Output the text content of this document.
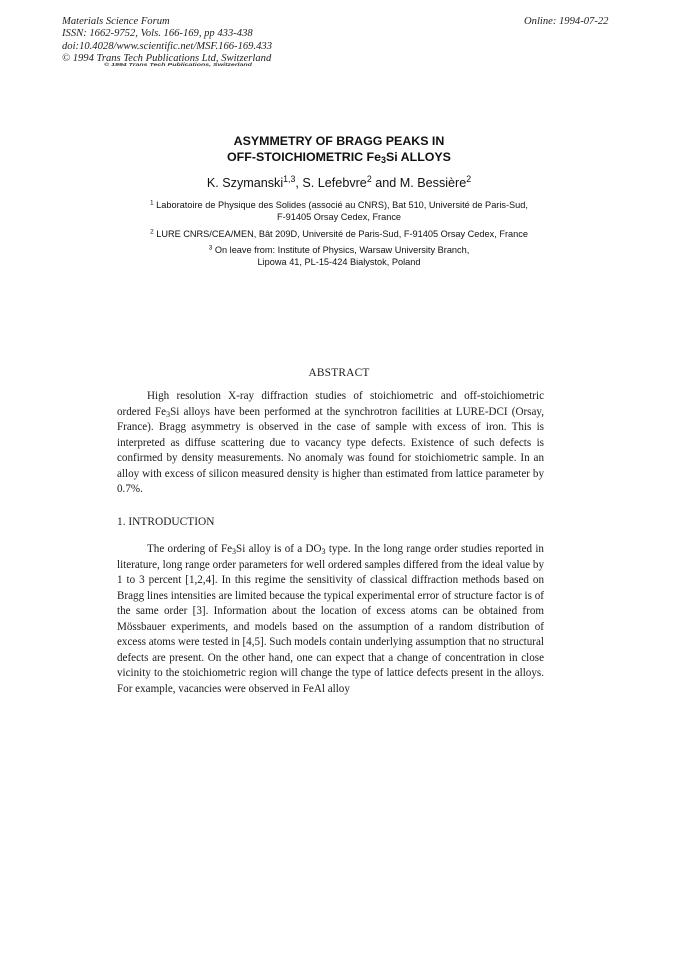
Materials Science Forum
ISSN: 1662-9752, Vols. 166-169, pp 433-438
doi:10.4028/www.scientific.net/MSF.166-169.433
© 1994 Trans Tech Publications Ltd, Switzerland
Online: 1994-07-22
© 1994 Trans Tech Publications, Switzerland
ASYMMETRY OF BRAGG PEAKS IN
OFF-STOICHIOMETRIC $Fe_3Si$ ALLOYS
K. Szymanski$^{1,3}$, S. Lefebvre$^2$ and M. Bessière$^2$
$^1$ Laboratoire de Physique des Solides (associé au CNRS), Bat 510, Université de Paris-Sud,
F-91405 Orsay Cedex, France
$^2$ LURE CNRS/CEA/MEN, Bât 209D, Université de Paris-Sud, F-91405 Orsay Cedex, France
$^3$ On leave from: Institute of Physics, Warsaw University Branch,
Lipowa 41, PL-15-424 Bialystok, Poland
ABSTRACT
High resolution X-ray diffraction studies of stoichiometric and off-stoichiometric ordered $Fe_3Si$ alloys have been performed at the synchrotron facilities at LURE-DCI (Orsay, France). Bragg asymmetry is observed in the case of sample with excess of iron. This is interpreted as diffuse scattering due to vacancy type defects. Existence of such defects is confirmed by density measurements. No anomaly was found for stoichiometric sample. In an alloy with excess of silicon measured density is higher than estimated from lattice parameter by 0.7%.
1. INTRODUCTION
The ordering of $Fe_3Si$ alloy is of a $DO_3$ type. In the long range order studies reported in literature, long range order parameters for well ordered samples differed from the ideal value by 1 to 3 percent [1,2,4]. In this regime the sensitivity of classical diffraction methods based on Bragg lines intensities are limited because the typical experimental error of structure factor is of the same order [3]. Information about the location of excess atoms can be obtained from Mössbauer experiments, and models based on the assumption of a random distribution of excess atoms were tested in [4,5]. Such models contain underlying assumption that no structural defects are present. On the other hand, one can expect that a change of concentration in close vicinity to the stoichiometric region will change the type of lattice defects present in the alloys. For example, vacancies were observed in FeAl alloy
